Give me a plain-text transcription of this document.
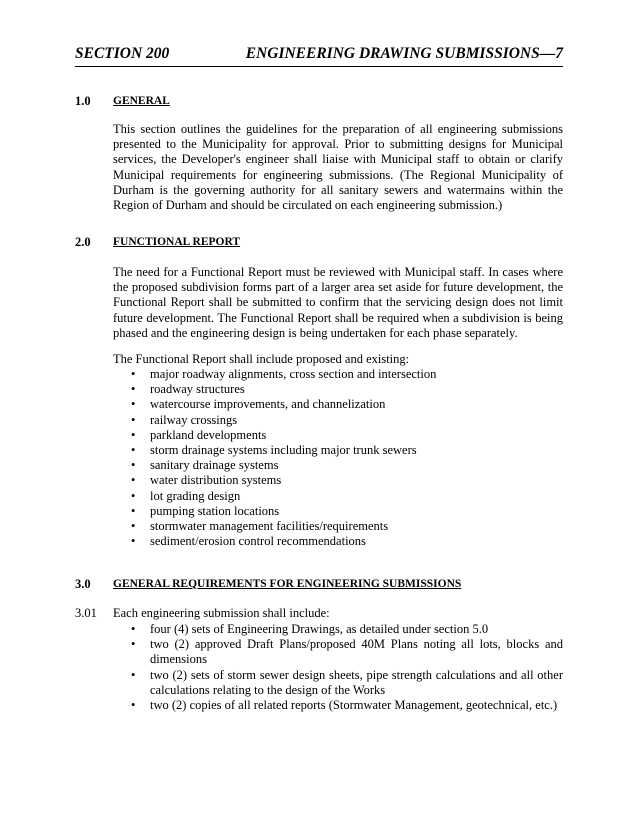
SECTION 200	ENGINEERING DRAWING SUBMISSIONS—7
1.0 GENERAL

This section outlines the guidelines for the preparation of all engineering submissions presented to the Municipality for approval. Prior to submitting designs for Municipal services, the Developer's engineer shall liaise with Municipal staff to obtain or clarify Municipal requirements for engineering submissions. (The Regional Municipality of Durham is the governing authority for all sanitary sewers and watermains within the Region of Durham and should be circulated on each engineering submission.)

2.0 FUNCTIONAL REPORT

The need for a Functional Report must be reviewed with Municipal staff. In cases where the proposed subdivision forms part of a larger area set aside for future development, the Functional Report shall be submitted to confirm that the servicing design does not limit future development. The Functional Report shall be required when a subdivision is being phased and the engineering design is being undertaken for each phase separately.

The Functional Report shall include proposed and existing:
• major roadway alignments, cross section and intersection
• roadway structures
• watercourse improvements, and channelization
• railway crossings
• parkland developments
• storm drainage systems including major trunk sewers
• sanitary drainage systems
• water distribution systems
• lot grading design
• pumping station locations
• stormwater management facilities/requirements
• sediment/erosion control recommendations
3.0 GENERAL REQUIREMENTS FOR ENGINEERING SUBMISSIONS
3.01 Each engineering submission shall include:
• four (4) sets of Engineering Drawings, as detailed under section 5.0
• two (2) approved Draft Plans/proposed 40M Plans noting all lots, blocks and dimensions
• two (2) sets of storm sewer design sheets, pipe strength calculations and all other calculations relating to the design of the Works
• two (2) copies of all related reports (Stormwater Management, geotechnical, etc.)
